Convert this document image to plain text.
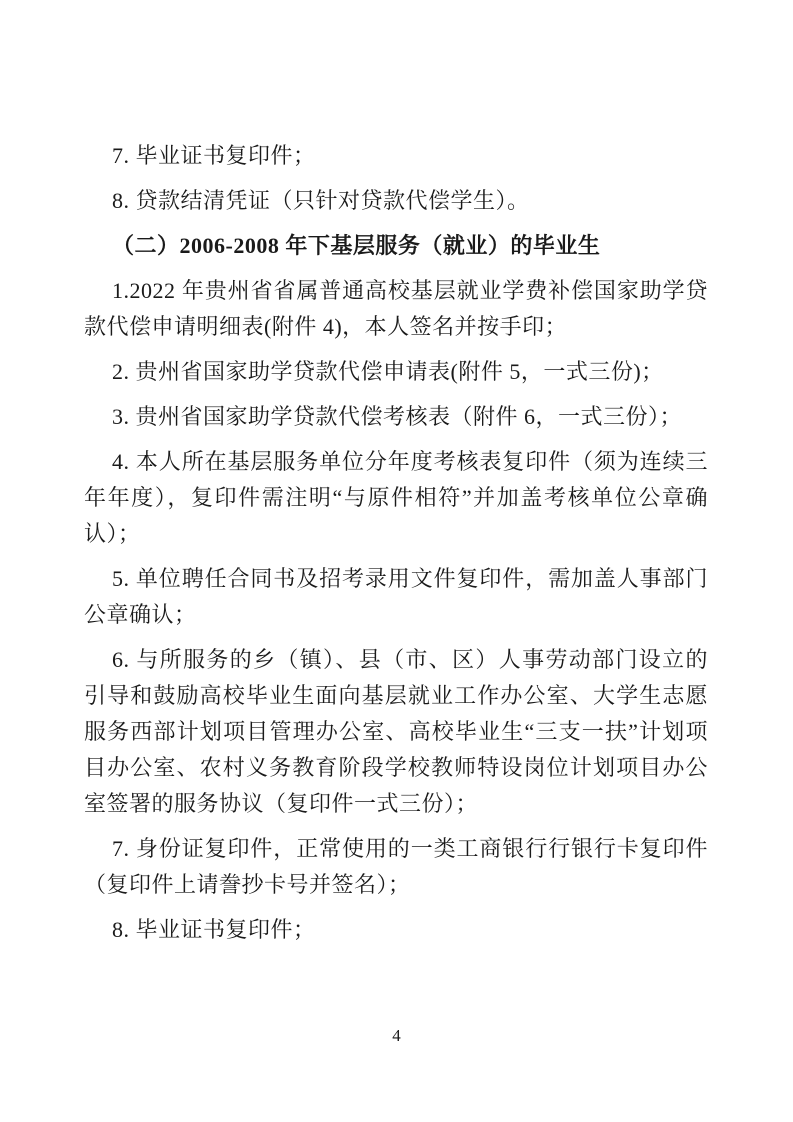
7. 毕业证书复印件；

8. 贷款结清凭证（只针对贷款代偿学生）。

（二）2006-2008 年下基层服务（就业）的毕业生

1.2022 年贵州省省属普通高校基层就业学费补偿国家助学贷款代偿申请明细表(附件 4)，本人签名并按手印；

2. 贵州省国家助学贷款代偿申请表(附件 5，一式三份)；

3. 贵州省国家助学贷款代偿考核表（附件 6，一式三份）；

4. 本人所在基层服务单位分年度考核表复印件（须为连续三年年度），复印件需注明“与原件相符”并加盖考核单位公章确认）；

5. 单位聘任合同书及招考录用文件复印件，需加盖人事部门公章确认；

6. 与所服务的乡（镇）、县（市、区）人事劳动部门设立的引导和鼓励高校毕业生面向基层就业工作办公室、大学生志愿服务西部计划项目管理办公室、高校毕业生“三支一扶”计划项目办公室、农村义务教育阶段学校教师特设岗位计划项目办公室签署的服务协议（复印件一式三份）；

7. 身份证复印件，正常使用的一类工商银行行银行卡复印件（复印件上请誊抄卡号并签名）；

8. 毕业证书复印件；

4
